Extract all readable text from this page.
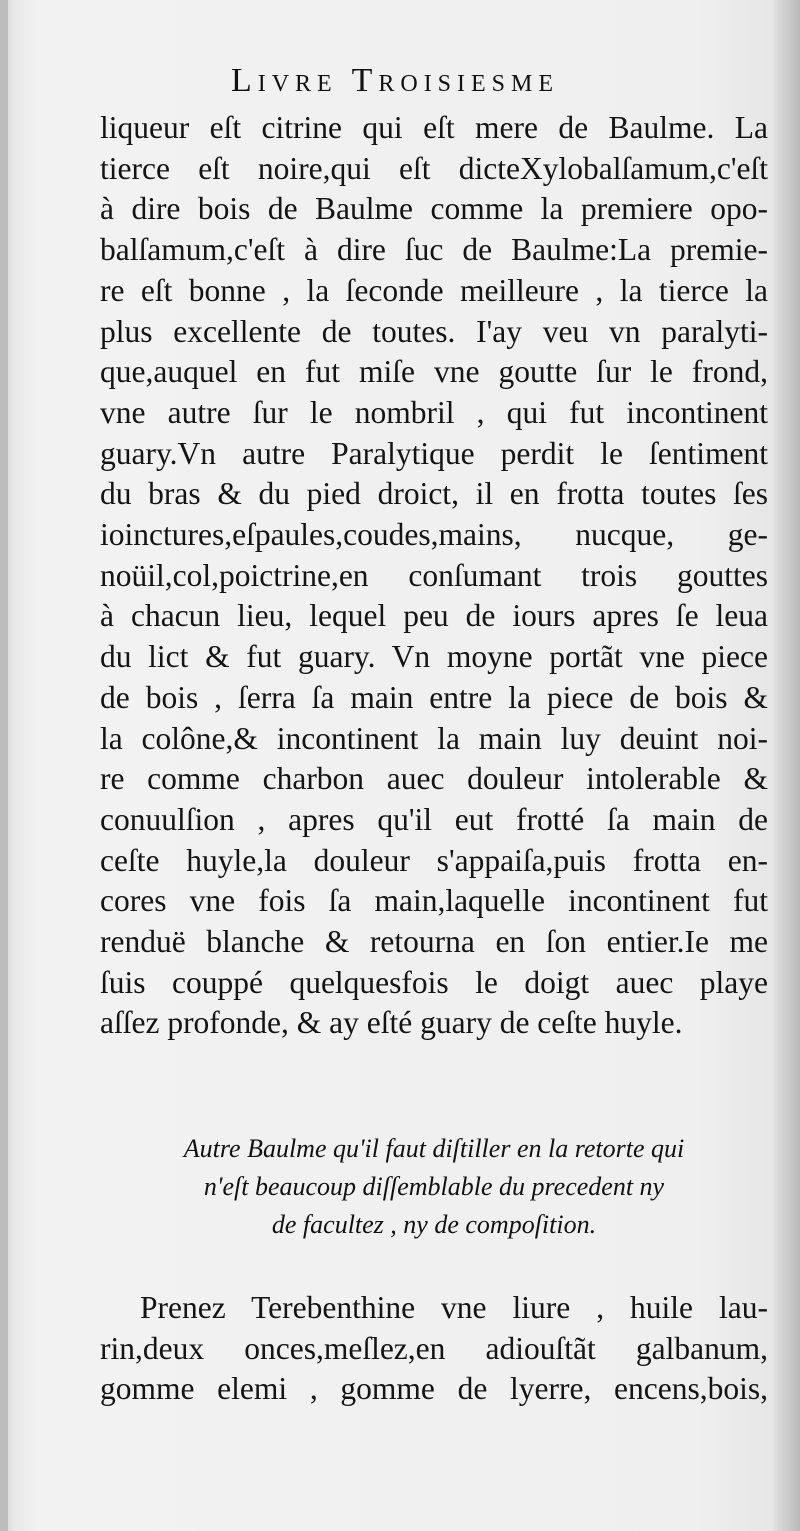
Livre Troisiesme
liqueur eſt citrine qui eſt mere de Baulme. La
tierce eſt noire,qui eſt dicteXylobalſamum,c'eſt
à dire bois de Baulme comme la premiere opo-
balſamum,c'eſt à dire ſuc de Baulme:La premie-
re eſt bonne , la ſeconde meilleure , la tierce la
plus excellente de toutes. I'ay veu vn paralyti-
que,auquel en fut miſe vne goutte ſur le frond,
vne autre ſur le nombril , qui fut incontinent
guary.Vn autre Paralytique perdit le ſentiment
du bras & du pied droict, il en frotta toutes ſes
ioinctures,eſpaules,coudes,mains, nucque, ge-
noüil,col,poictrine,en conſumant trois gouttes
à chacun lieu, lequel peu de iours apres ſe leua
du lict & fut guary. Vn moyne portãt vne piece
de bois , ſerra ſa main entre la piece de bois &
la colône,& incontinent la main luy deuint noi-
re comme charbon auec douleur intolerable &
conuulſion , apres qu'il eut frotté ſa main de
ceſte huyle,la douleur s'appaiſa,puis frotta en-
cores vne fois ſa main,laquelle incontinent fut
renduë blanche & retourna en ſon entier.Ie me
ſuis couppé quelquesfois le doigt auec playe
aſſez profonde, & ay eſté guary de ceſte huyle.
Autre Baulme qu'il faut diſtiller en la retorte qui
n'eſt beaucoup diſſemblable du precedent ny
de facultez , ny de compoſition.
Prenez Terebenthine vne liure , huile lau-
rin,deux onces,meſlez,en adiouſtãt galbanum,
gomme elemi , gomme de lyerre, encens,bois,
